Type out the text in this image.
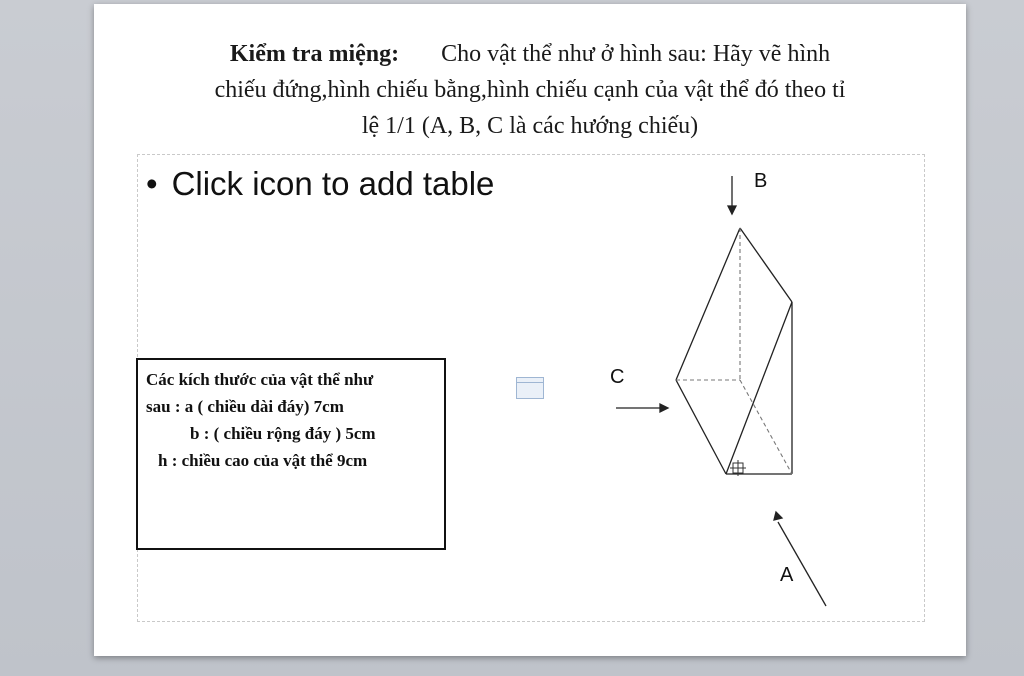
Kiểm tra miệng: Cho vật thể như ở hình sau: Hãy vẽ hình
chiếu đứng,hình chiếu bằng,hình chiếu cạnh của vật thể đó theo tỉ
lệ 1/1 (A, B, C là các hướng chiếu)
• Click icon to add table
Các kích thước của vật thể như
sau : a ( chiều dài đáy) 7cm
b : ( chiều rộng đáy ) 5cm
h : chiều cao của vật thể 9cm
B
C
A
